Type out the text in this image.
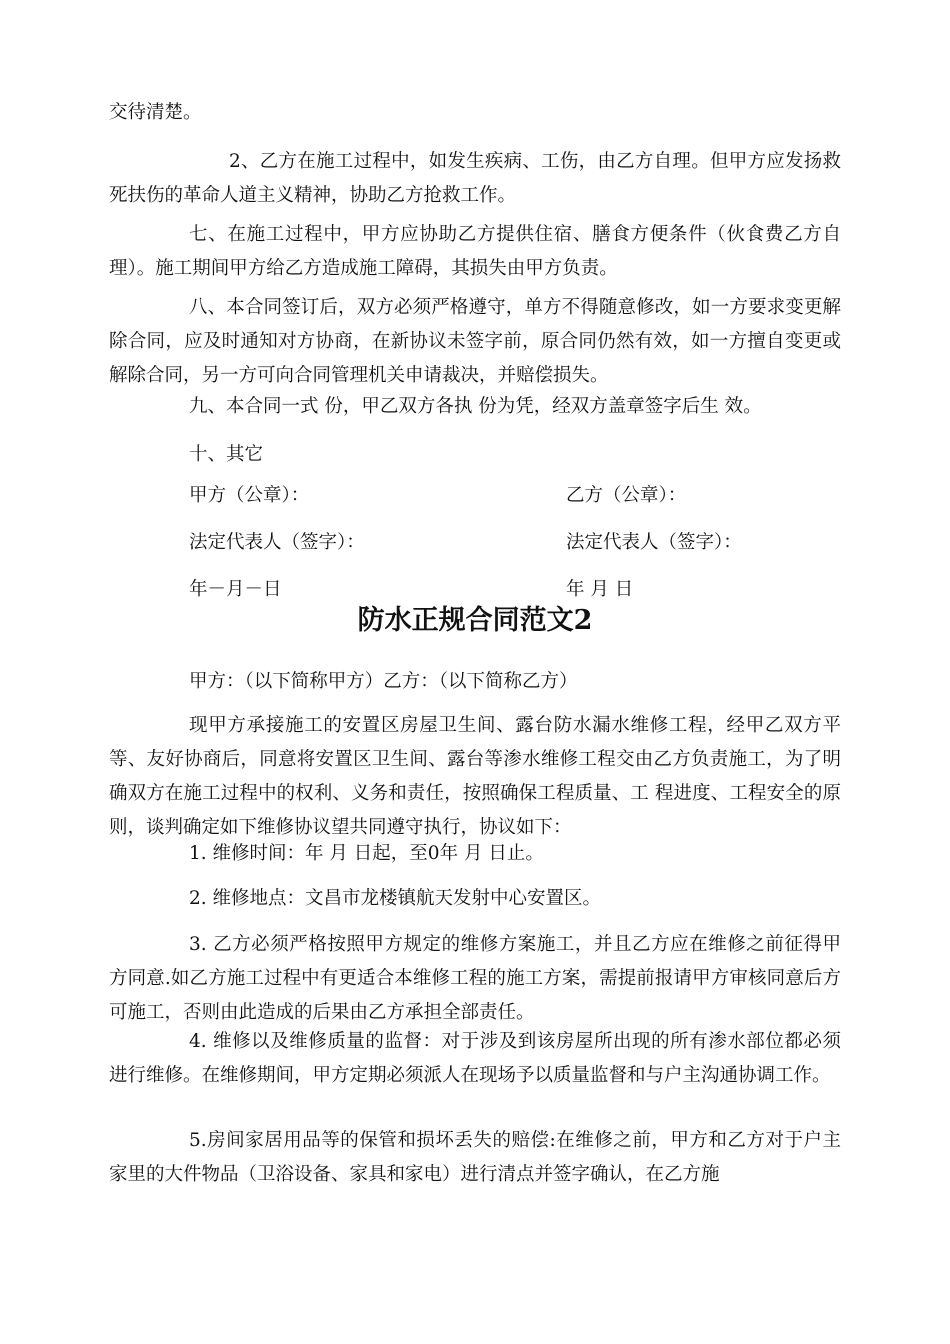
交待清楚。

2、乙方在施工过程中，如发生疾病、工伤，由乙方自理。但甲方应发扬救死扶伤的革命人道主义精神，协助乙方抢救工作。

七、在施工过程中，甲方应协助乙方提供住宿、膳食方便条件（伙食费乙方自理）。施工期间甲方给乙方造成施工障碍，其损失由甲方负责。

八、本合同签订后，双方必须严格遵守，单方不得随意修改，如一方要求变更解除合同，应及时通知对方协商，在新协议未签字前，原合同仍然有效，如一方擅自变更或解除合同，另一方可向合同管理机关申请裁决，并赔偿损失。

九、本合同一式 份，甲乙双方各执 份为凭，经双方盖章签字后生 效。

十、其它

甲方（公章）：	乙方（公章）：

法定代表人（签字）：	法定代表人（签字）：

年－月－日	年 月 日

防水正规合同范文2

甲方：（以下简称甲方）乙方：（以下简称乙方）

现甲方承接施工的安置区房屋卫生间、露台防水漏水维修工程，经甲乙双方平等、友好协商后，同意将安置区卫生间、露台等渗水维修工程交由乙方负责施工，为了明确双方在施工过程中的权利、义务和责任，按照确保工程质量、工 程进度、工程安全的原则，谈判确定如下维修协议望共同遵守执行，协议如下：

1. 维修时间：年 月 日起，至0年 月 日止。

2. 维修地点：文昌市龙楼镇航天发射中心安置区。

3. 乙方必须严格按照甲方规定的维修方案施工，并且乙方应在维修之前征得甲方同意.如乙方施工过程中有更适合本维修工程的施工方案，需提前报请甲方审核同意后方可施工，否则由此造成的后果由乙方承担全部责任。

4. 维修以及维修质量的监督：对于涉及到该房屋所出现的所有渗水部位都必须进行维修。在维修期间，甲方定期必须派人在现场予以质量监督和与户主沟通协调工作。

5.房间家居用品等的保管和损坏丢失的赔偿:在维修之前，甲方和乙方对于户主家里的大件物品（卫浴设备、家具和家电）进行清点并签字确认，在乙方施
